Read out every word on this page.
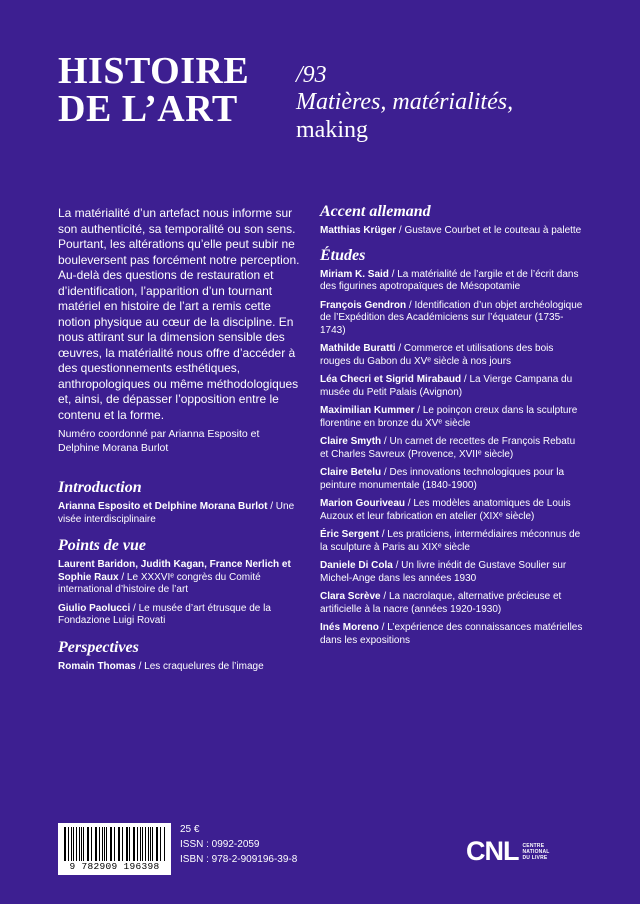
HISTOIRE
DE L’ART
/93
Matières, matérialités,
making

La matérialité d’un artefact nous informe sur son authenticité, sa temporalité ou son sens. Pourtant, les altérations qu’elle peut subir ne bouleversent pas forcément notre perception. Au-delà des questions de restauration et d’identification, l’apparition d’un tournant matériel en histoire de l’art a remis cette notion physique au cœur de la discipline. En nous attirant sur la dimension sensible des œuvres, la matérialité nous offre d’accéder à des questionnements esthétiques, anthropologiques ou même méthodologiques et, ainsi, de dépasser l’opposition entre le contenu et la forme.

Numéro coordonné par Arianna Esposito et Delphine Morana Burlot

Introduction
Arianna Esposito et Delphine Morana Burlot / Une visée interdisciplinaire
Points de vue
Laurent Baridon, Judith Kagan, France Nerlich et Sophie Raux / Le XXXVIᵉ congrès du Comité international d’histoire de l’art
Giulio Paolucci / Le musée d’art étrusque de la Fondazione Luigi Rovati
Perspectives
Romain Thomas / Les craquelures de l’image
Accent allemand
Matthias Krüger / Gustave Courbet et le couteau à palette
Études
Miriam K. Said / La matérialité de l’argile et de l’écrit dans des figurines apotropaïques de Mésopotamie
François Gendron / Identification d’un objet archéologique de l’Expédition des Académiciens sur l’équateur (1735-1743)
Mathilde Buratti / Commerce et utilisations des bois rouges du Gabon du XVᵉ siècle à nos jours
Léa Checri et Sigrid Mirabaud / La Vierge Campana du musée du Petit Palais (Avignon)
Maximilian Kummer / Le poinçon creux dans la sculpture florentine en bronze du XVᵉ siècle
Claire Smyth / Un carnet de recettes de François Rebatu et Charles Savreux (Provence, XVIIᵉ siècle)
Claire Betelu / Des innovations technologiques pour la peinture monumentale (1840-1900)
Marion Gouriveau / Les modèles anatomiques de Louis Auzoux et leur fabrication en atelier (XIXᵉ siècle)
Éric Sergent / Les praticiens, intermédiaires méconnus de la sculpture à Paris au XIXᵉ siècle
Daniele Di Cola / Un livre inédit de Gustave Soulier sur Michel-Ange dans les années 1930
Clara Scrève / La nacrolaque, alternative précieuse et artificielle à la nacre (années 1920-1930)
Inés Moreno / L’expérience des connaissances matérielles dans les expositions
9 782909 196398
25 €
ISSN : 0992-2059
ISBN : 978-2-909196-39-8	CNL CENTRE
NATIONAL
DU LIVRE
